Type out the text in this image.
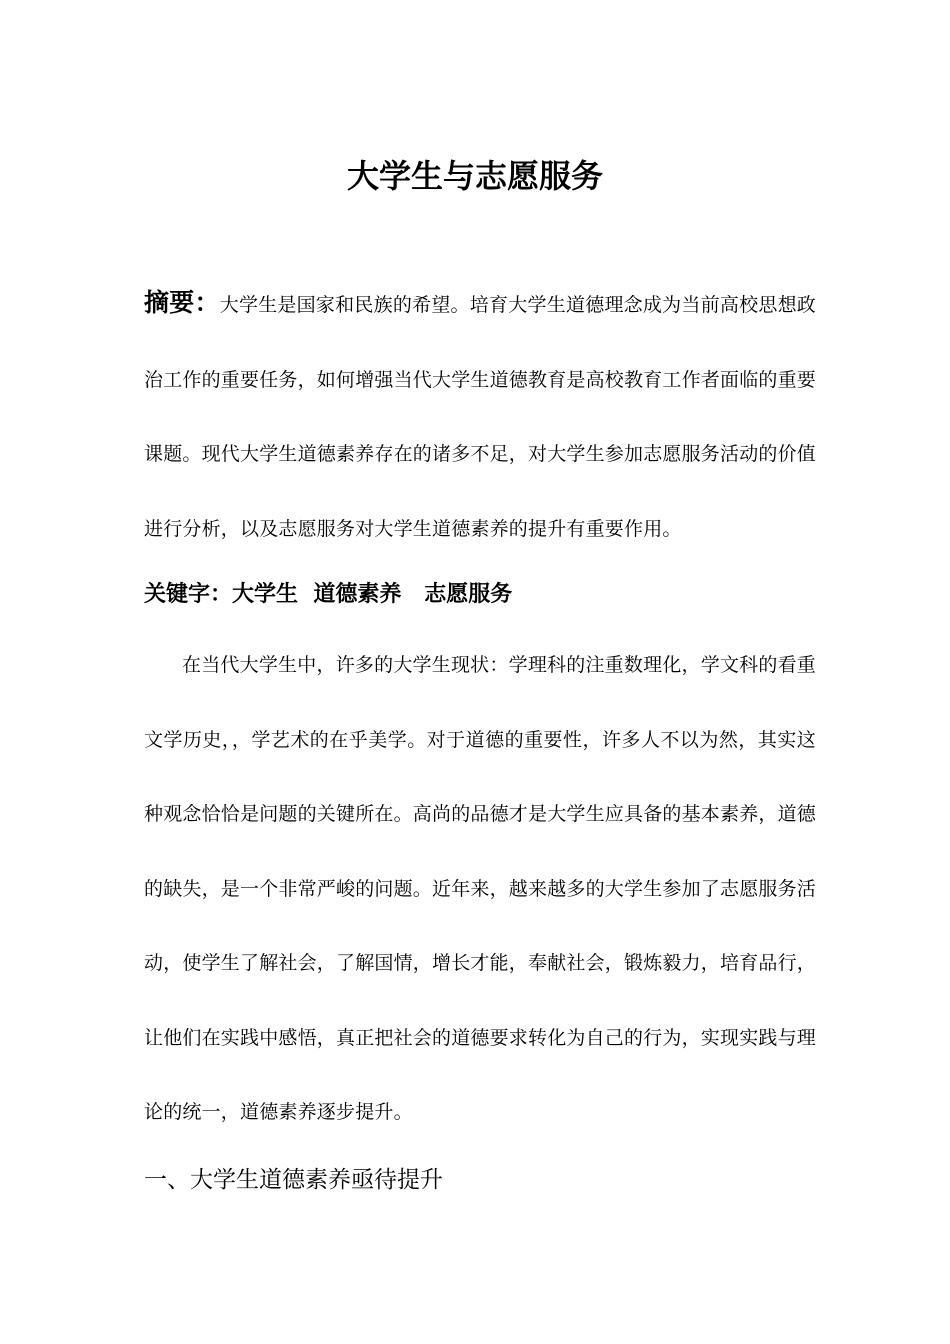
大学生与志愿服务

摘要：大学生是国家和民族的希望。培育大学生道德理念成为当前高校思想政治工作的重要任务，如何增强当代大学生道德教育是高校教育工作者面临的重要课题。现代大学生道德素养存在的诸多不足，对大学生参加志愿服务活动的价值进行分析，以及志愿服务对大学生道德素养的提升有重要作用。

关键字：大学生  道德素养   志愿服务

在当代大学生中，许多的大学生现状：学理科的注重数理化，学文科的看重文学历史，，学艺术的在乎美学。对于道德的重要性，许多人不以为然，其实这种观念恰恰是问题的关键所在。高尚的品德才是大学生应具备的基本素养，道德的缺失，是一个非常严峻的问题。近年来，越来越多的大学生参加了志愿服务活动，使学生了解社会，了解国情，增长才能，奉献社会，锻炼毅力，培育品行，让他们在实践中感悟，真正把社会的道德要求转化为自己的行为，实现实践与理论的统一，道德素养逐步提升。

一、大学生道德素养亟待提升
